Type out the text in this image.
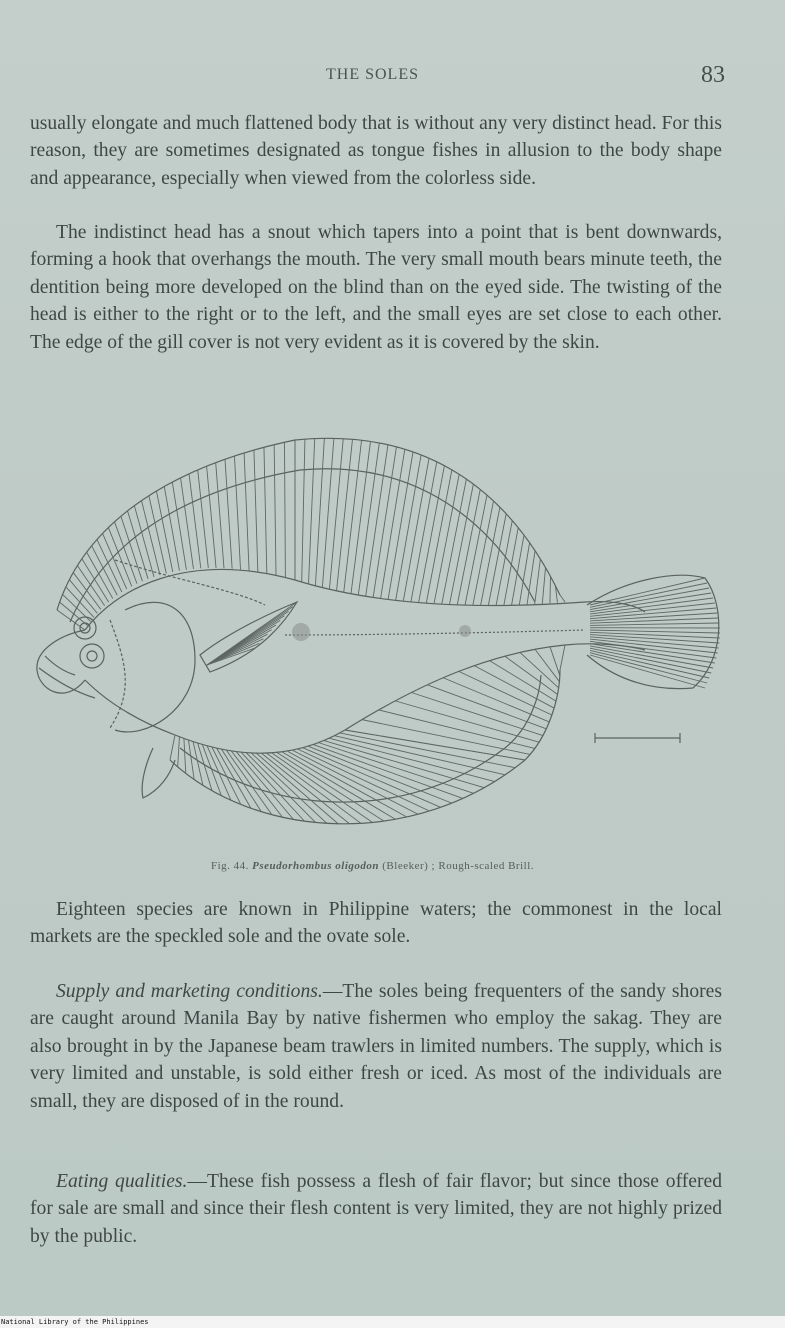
THE SOLES	83

usually elongate and much flattened body that is without any very distinct head. For this reason, they are sometimes designated as tongue fishes in allusion to the body shape and appearance, especially when viewed from the colorless side.

The indistinct head has a snout which tapers into a point that is bent downwards, forming a hook that overhangs the mouth. The very small mouth bears minute teeth, the dentition being more developed on the blind than on the eyed side. The twisting of the head is either to the right or to the left, and the small eyes are set close to each other. The edge of the gill cover is not very evident as it is covered by the skin.

Fig. 44. Pseudorhombus oligodon (Bleeker) ; Rough-scaled Brill.

Eighteen species are known in Philippine waters; the commonest in the local markets are the speckled sole and the ovate sole.

Supply and marketing conditions.—The soles being frequenters of the sandy shores are caught around Manila Bay by native fishermen who employ the sakag. They are also brought in by the Japanese beam trawlers in limited numbers. The supply, which is very limited and unstable, is sold either fresh or iced. As most of the individuals are small, they are disposed of in the round.

Eating qualities.—These fish possess a flesh of fair flavor; but since those offered for sale are small and since their flesh content is very limited, they are not highly prized by the public.

National Library of the Philippines
